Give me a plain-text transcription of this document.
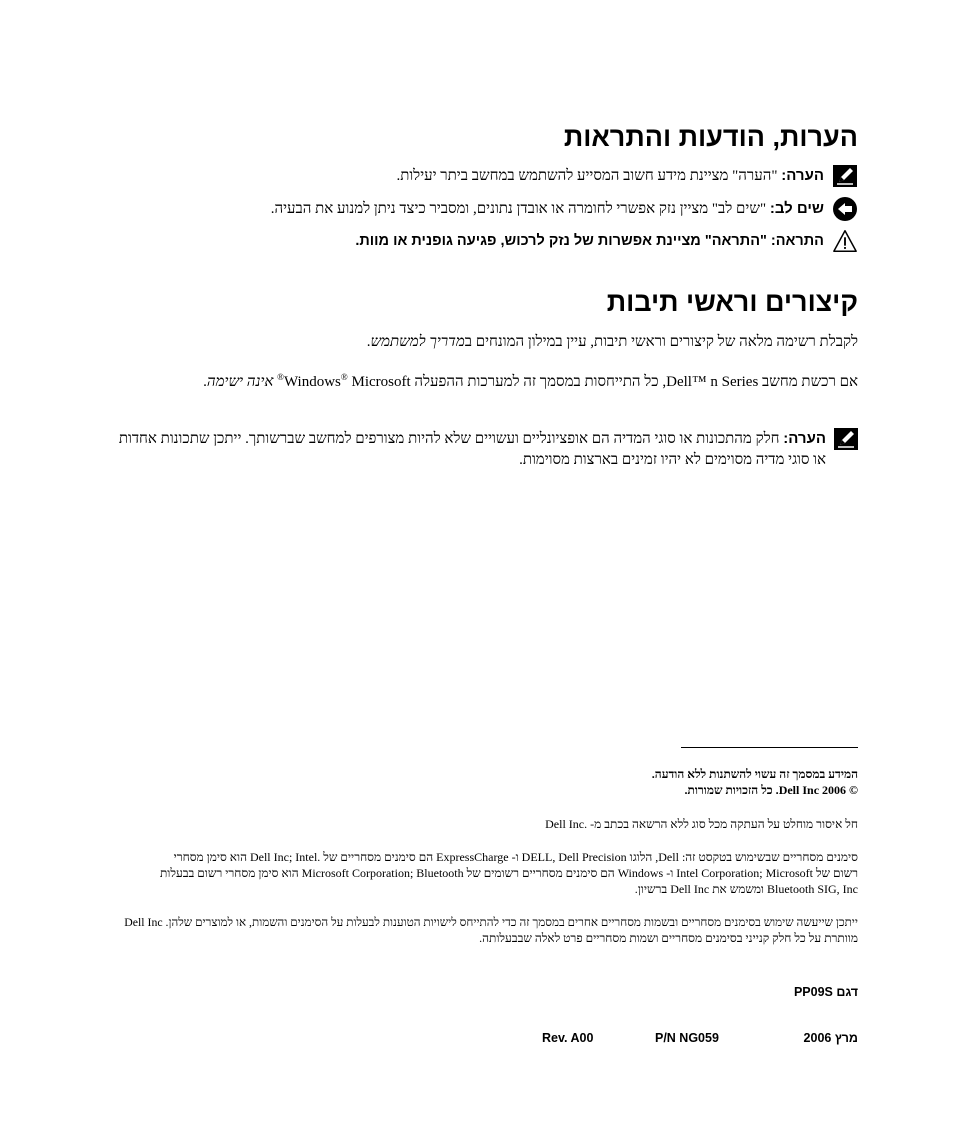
הערות, הודעות והתראות
הערה: "הערה" מציינת מידע חשוב המסייע להשתמש במחשב ביתר יעילות.
שים לב: "שים לב" מציין נזק אפשרי לחומרה או אובדן נתונים, ומסביר כיצד ניתן למנוע את הבעיה.
התראה: "התראה" מציינת אפשרות של נזק לרכוש, פגיעה גופנית או מוות.
קיצורים וראשי תיבות
לקבלת רשימה מלאה של קיצורים וראשי תיבות, עיין במילון המונחים במדריך למשתמש.
אם רכשת מחשב Dell™ n Series, כל התייחסות במסמך זה למערכות ההפעלה Windows® Microsoft® אינה ישימה.
הערה: חלק מהתכונות או סוגי המדיה הם אופציונליים ועשויים שלא להיות מצורפים למחשב שברשותך. ייתכן שתכונות אחדות
או סוגי מדיה מסוימים לא יהיו זמינים בארצות מסוימות.
המידע במסמך זה עשוי להשתנות ללא הודעה.
© 2006 Dell Inc. כל הזכויות שמורות.
חל איסור מוחלט על העתקה מכל סוג ללא הרשאה בכתב מ- .Dell Inc
סימנים מסחריים שבשימוש בטקסט זה: Dell, הלוגו DELL, Dell Precision ו- ExpressCharge הם סימנים מסחריים של .Dell Inc; Intel הוא סימן מסחרי
רשום של Intel Corporation; Microsoft ו- Windows הם סימנים מסחריים רשומים של Microsoft Corporation; Bluetooth הוא סימן מסחרי רשום בבעלות
Bluetooth SIG, Inc ומשמש את Dell Inc ברשיון.
ייתכן שייעשה שימוש בסימנים מסחריים ובשמות מסחריים אחרים במסמך זה כדי להתייחס לישויות הטוענות לבעלות על הסימנים והשמות, או למוצרים שלהן. Dell Inc
מוותרת על כל חלק קנייני בסימנים מסחריים ושמות מסחריים פרט לאלה שבבעלותה.
דגם PP09S
מרץ 2006
P/N NG059
Rev. A00
